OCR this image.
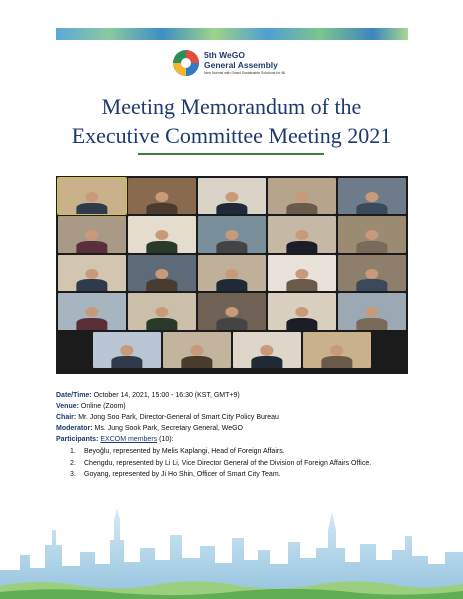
5th WeGO
General Assembly
New Normal with Smart Sustainable Solutions for All
Meeting Memorandum of the
Executive Committee Meeting 2021
Date/Time: October 14, 2021, 15:00 - 16:30 (KST, GMT+9)
Venue: Online (Zoom)
Chair: Mr. Jong Soo Park, Director-General of Smart City Policy Bureau
Moderator: Ms. Jung Sook Park, Secretary General, WeGO
Participants: EXCOM members (10):
1. Beyoğlu, represented by Melis Kaplangi, Head of Foreign Affairs.
2. Chengdu, represented by Li Li, Vice Director General of the Division of Foreign Affairs Office.
3. Goyang, represented by Ji Ho Shin, Officer of Smart City Team.
